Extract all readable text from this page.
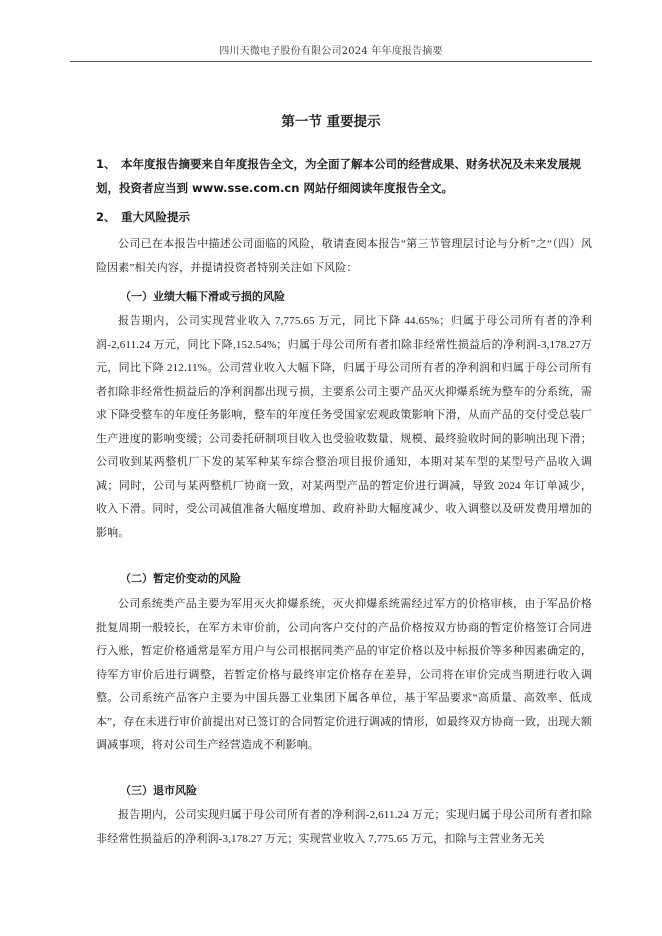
四川天微电子股份有限公司2024 年年度报告摘要
第一节 重要提示
1、 本年度报告摘要来自年度报告全文，为全面了解本公司的经营成果、财务状况及未来发展规划，投资者应当到 www.sse.com.cn 网站仔细阅读年度报告全文。
2、 重大风险提示
公司已在本报告中描述公司面临的风险，敬请查阅本报告“第三节管理层讨论与分析”之“（四）风险因素”相关内容，并提请投资者特别关注如下风险：
（一）业绩大幅下滑或亏损的风险
报告期内，公司实现营业收入 7,775.65 万元，同比下降 44.65%；归属于母公司所有者的净利润-2,611.24 万元，同比下降,152.54%；归属于母公司所有者扣除非经常性损益后的净利润-3,178.27万元，同比下降 212.11%。公司营业收入大幅下降，归属于母公司所有者的净利润和归属于母公司所有者扣除非经常性损益后的净利润都出现亏损，主要系公司主要产品灭火抑爆系统为整车的分系统，需求下降受整车的年度任务影响，整车的年度任务受国家宏观政策影响下滑，从而产品的交付受总装厂生产进度的影响变缓；公司委托研制项目收入也受验收数量、规模、最终验收时间的影响出现下滑；公司收到某两整机厂下发的某军种某车综合整治项目报价通知，本期对某车型的某型号产品收入调减；同时，公司与某两整机厂协商一致，对某两型产品的暂定价进行调减，导致 2024 年订单减少，收入下滑。同时，受公司减值准备大幅度增加、政府补助大幅度减少、收入调整以及研发费用增加的影响。
（二）暂定价变动的风险
公司系统类产品主要为军用灭火抑爆系统，灭火抑爆系统需经过军方的价格审核，由于军品价格批复周期一般较长，在军方未审价前，公司向客户交付的产品价格按双方协商的暂定价格签订合同进行入账，暂定价格通常是军方用户与公司根据同类产品的审定价格以及中标报价等多种因素确定的，待军方审价后进行调整，若暂定价格与最终审定价格存在差异，公司将在审价完成当期进行收入调整。公司系统产品客户主要为中国兵器工业集团下属各单位，基于军品要求“高质量、高效率、低成本”，存在未进行审价前提出对已签订的合同暂定价进行调减的情形，如最终双方协商一致，出现大额调减事项，将对公司生产经营造成不利影响。
（三）退市风险
报告期内，公司实现归属于母公司所有者的净利润-2,611.24 万元；实现归属于母公司所有者扣除非经常性损益后的净利润-3,178.27 万元；实现营业收入 7,775.65 万元，扣除与主营业务无关
